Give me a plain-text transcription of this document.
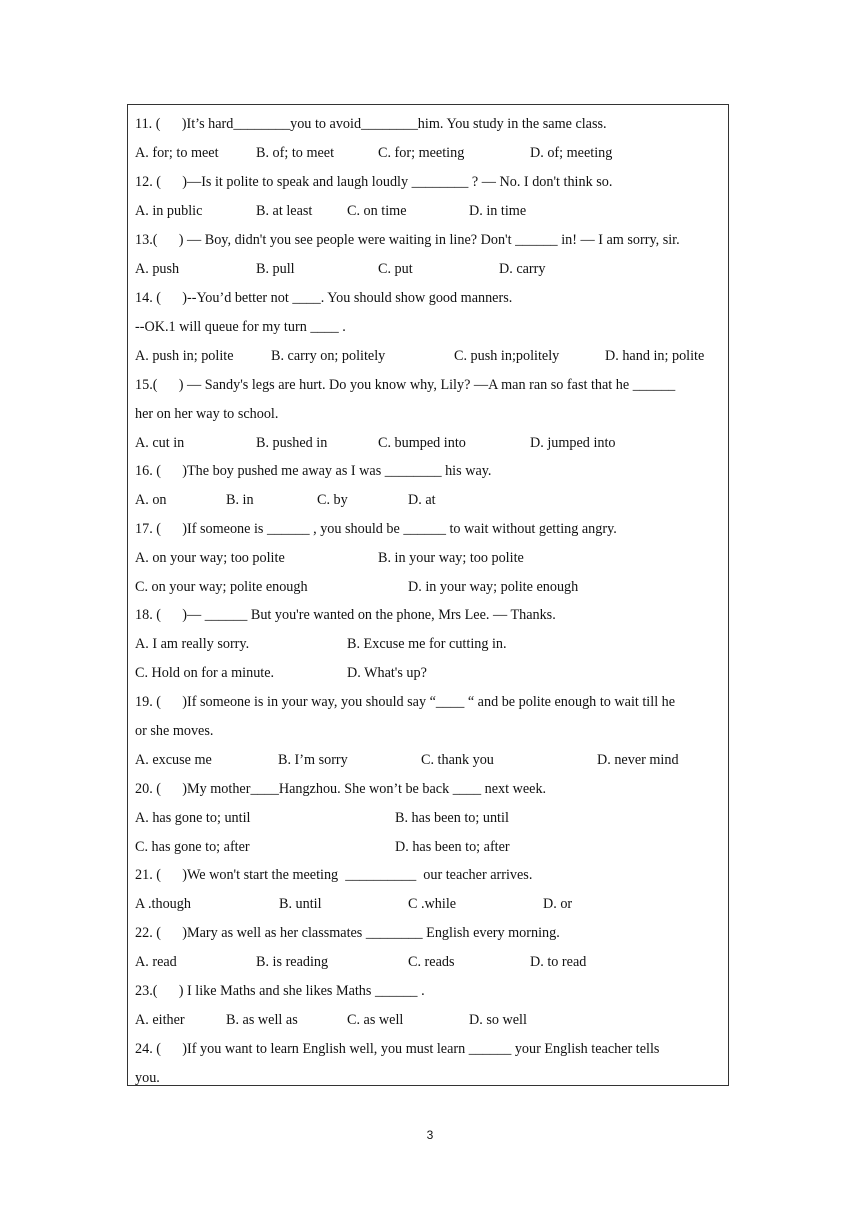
11. (      )It’s hard________you to avoid________him. You study in the same class.
A. for; to meet	B. of; to meet	C. for; meeting	D. of; meeting
12. (      )—Is it polite to speak and laugh loudly ________ ? — No. I don't think so.
A. in public	B. at least C. on time	D. in time
13.(      ) — Boy, didn't you see people were waiting in line? Don't ______ in! — I am sorry, sir.
A. push	B. pull	C. put	D. carry
14. (      )--You’d better not ____. You should show good manners.
--OK.1 will queue for my turn ____ .
A. push in; polite	B. carry on; politely	C. push in;politely	D. hand in; polite
15.(      ) — Sandy's legs are hurt. Do you know why, Lily? —A man ran so fast that he ______
her on her way to school.
A. cut in	B. pushed in	C. bumped into	D. jumped into
16. (      )The boy pushed me away as I was ________ his way.
A. on	B. in	C. by	D. at
17. (      )If someone is ______ , you should be ______ to wait without getting angry.
A. on your way; too polite	B. in your way; too polite
C. on your way; polite enough	D. in your way; polite enough
18. (      )— ______ But you're wanted on the phone, Mrs Lee. — Thanks.
A. I am really sorry.	B. Excuse me for cutting in.
C. Hold on for a minute.	D. What's up?
19. (      )If someone is in your way, you should say “____ “ and be polite enough to wait till he
or she moves.
A. excuse me	B. I’m sorry	C. thank you	D. never mind
20. (      )My mother____Hangzhou. She won’t be back ____ next week.
A. has gone to; until	B. has been to; until
C. has gone to; after	D. has been to; after
21. (      )We won't start the meeting  __________  our teacher arrives.
A .though	B. until	C .while	D. or
22. (      )Mary as well as her classmates ________ English every morning.
A. read	B. is reading	C. reads	D. to read
23.(      ) I like Maths and she likes Maths ______ .
A. either	B. as well as	C. as well	D. so well
24. (      )If you want to learn English well, you must learn ______ your English teacher tells
you.
3
